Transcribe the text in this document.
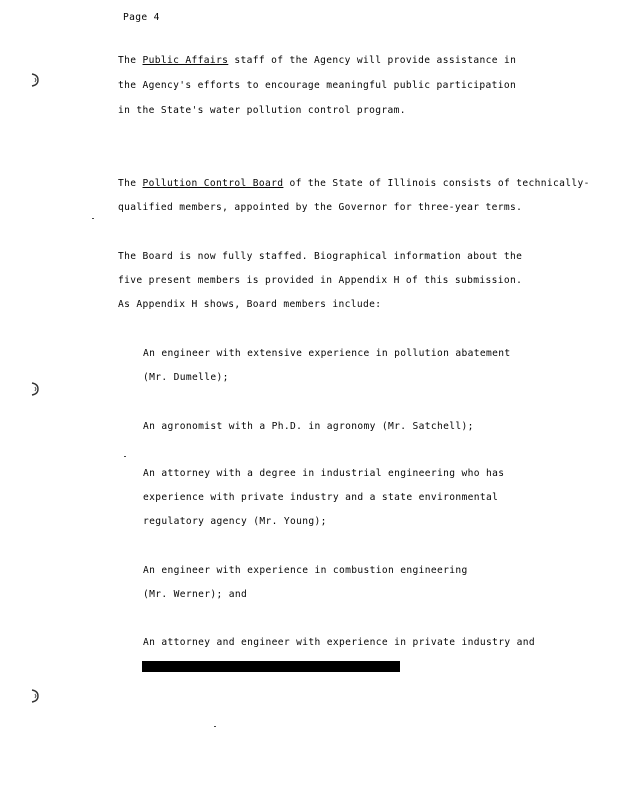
Page 4
The Public Affairs staff of the Agency will provide assistance in
the Agency's efforts to encourage meaningful public participation
in the State's water pollution control program.
The Pollution Control Board of the State of Illinois consists of technically-
qualified members, appointed by the Governor for three-year terms.
The Board is now fully staffed. Biographical information about the
five present members is provided in Appendix H of this submission.
As Appendix H shows, Board members include:
An engineer with extensive experience in pollution abatement
(Mr. Dumelle);
An agronomist with a Ph.D. in agronomy (Mr. Satchell);
An attorney with a degree in industrial engineering who has
experience with private industry and a state environmental
regulatory agency (Mr. Young);
An engineer with experience in combustion engineering
(Mr. Werner); and
An attorney and engineer with experience in private industry and
